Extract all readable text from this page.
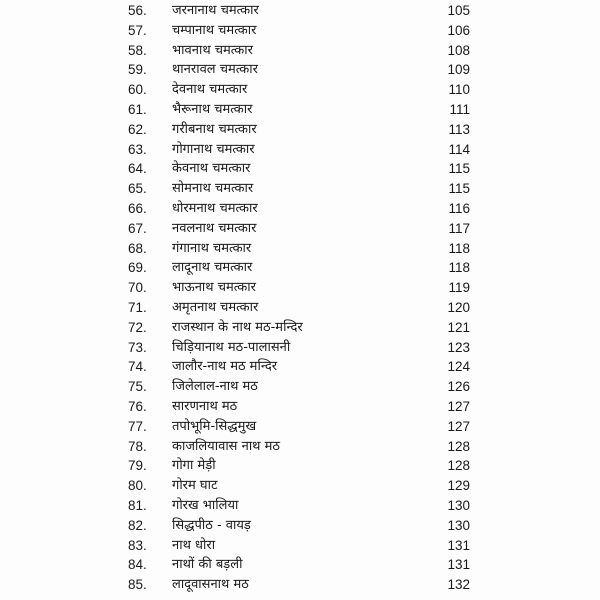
56.	जरनानाथ चमत्कार	105
57.	चम्पानाथ चमत्कार	106
58.	भावनाथ चमत्कार	108
59.	थानरावल चमत्कार	109
60.	देवनाथ चमत्कार	110
61.	भैरूनाथ चमत्कार	111
62.	गरीबनाथ चमत्कार	113
63.	गोगानाथ चमत्कार	114
64.	केवनाथ चमत्कार	115
65.	सोमनाथ चमत्कार	115
66.	धोरमनाथ चमत्कार	116
67.	नवलनाथ चमत्कार	117
68.	गंगानाथ चमत्कार	118
69.	लादूनाथ चमत्कार	118
70.	भाऊनाथ चमत्कार	119
71.	अमृतनाथ चमत्कार	120
72.	राजस्थान के नाथ मठ-मन्दिर	121
73.	चिड़ियानाथ मठ-पालासनी	123
74.	जालौर-नाथ मठ मन्दिर	124
75.	जिलेलाल-नाथ मठ	126
76.	सारणनाथ मठ	127
77.	तपोभूमि-सिद्धमुख	127
78.	काजलियावास नाथ मठ	128
79.	गोगा मेड़ी	128
80.	गोरम घाट	129
81.	गोरख भालिया	130
82.	सिद्धपीठ - वायड़	130
83.	नाथ धोरा	131
84.	नाथों की बड़ली	131
85.	लादूवासनाथ मठ	132
